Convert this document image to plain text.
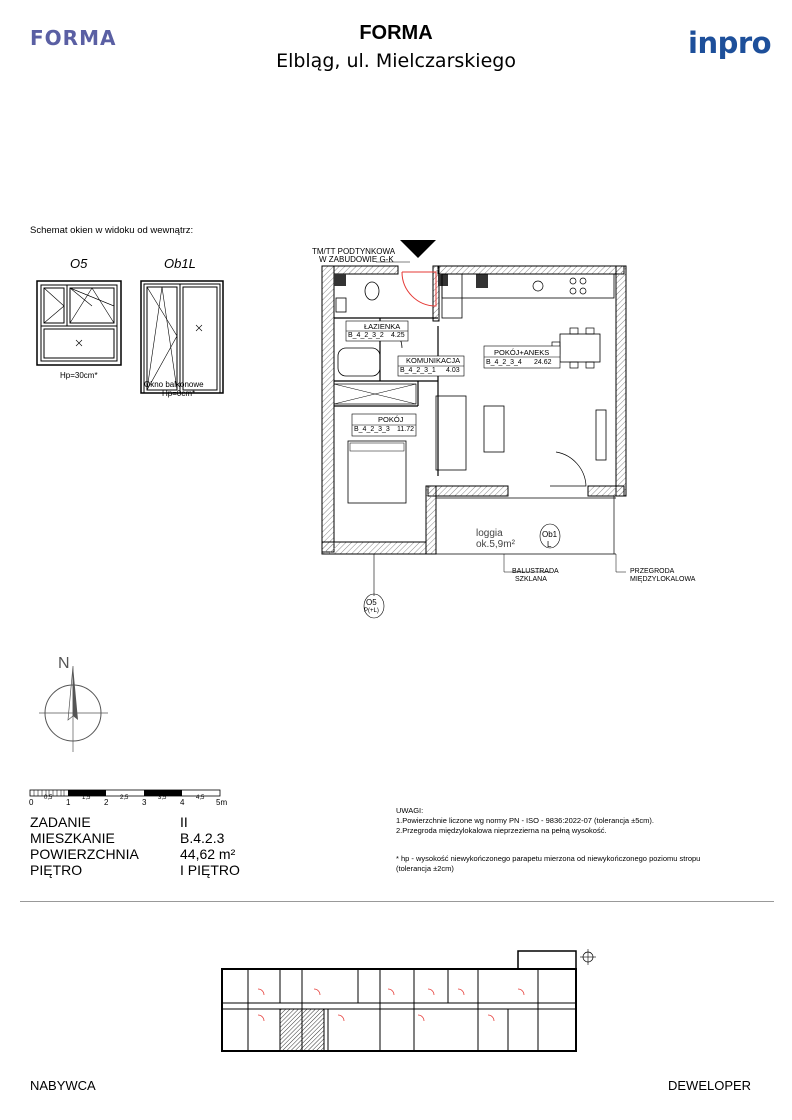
FORMA	FORMA
Elbląg, ul. Mielczarskiego
inpro
Schemat okien w widoku od wewnątrz:
O5	Ob1L
Hp=30cm*
Okno balkonowe
Hp=0cm*
TM/TT PODTYNKOWA
W ZABUDOWIE G-K
ŁAZIENKA
B_4_2_3_2 4.25
KOMUNIKACJA
B_4_2_3_1 4.03
POKÓJ+ANEKS
B_4_2_3_4 24.62
POKÓJ
B_4_2_3_3 11.72
loggia
ok.5,9m²
Ob1
L
O5
P(+L)
BALUSTRADA
SZKLANA
PRZEGRODA
MIĘDZYLOKALOWA
N
0 0,5 1 1,5 2 2,5 3 3,5 4 4,5 5m
ZADANIE	II
MIESZKANIE	B.4.2.3
POWIERZCHNIA	44,62 m²
PIĘTRO	I PIĘTRO
UWAGI:
1.Powierzchnie liczone wg normy PN - ISO - 9836:2022-07 (tolerancja ±5cm).
2.Przegroda międzylokalowa nieprzezierna na pełną wysokość.
* hp - wysokość niewykończonego parapetu mierzona od niewykończonego poziomu stropu
(tolerancja ±2cm)
NABYWCA	DEWELOPER
